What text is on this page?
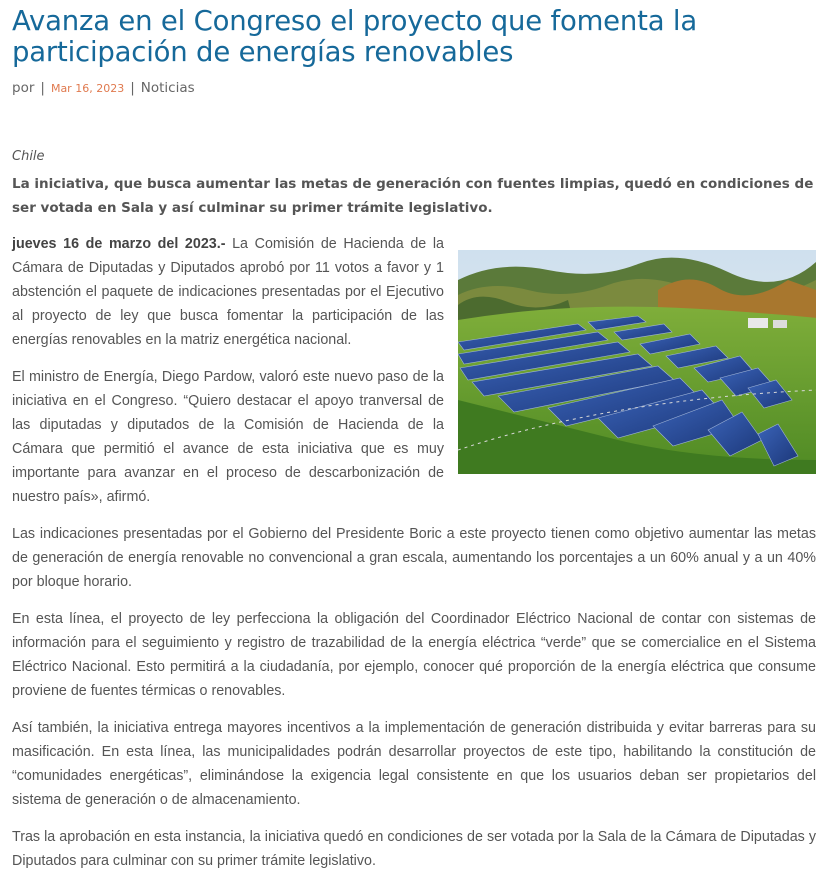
Avanza en el Congreso el proyecto que fomenta la participación de energías renovables
por | Mar 16, 2023 | Noticias
Chile
La iniciativa, que busca aumentar las metas de generación con fuentes limpias, quedó en condiciones de ser votada en Sala y así culminar su primer trámite legislativo.

jueves 16 de marzo del 2023.- La Comisión de Hacienda de la Cámara de Diputadas y Diputados aprobó por 11 votos a favor y 1 abstención el paquete de indicaciones presentadas por el Ejecutivo al proyecto de ley que busca fomentar la participación de las energías renovables en la matriz energética nacional.

El ministro de Energía, Diego Pardow, valoró este nuevo paso de la iniciativa en el Congreso. “Quiero destacar el apoyo tranversal de las diputadas y diputados de la Comisión de Hacienda de la Cámara que permitió el avance de esta iniciativa que es muy importante para avanzar en el proceso de descarbonización de nuestro país», afirmó.

Las indicaciones presentadas por el Gobierno del Presidente Boric a este proyecto tienen como objetivo aumentar las metas de generación de energía renovable no convencional a gran escala, aumentando los porcentajes a un 60% anual y a un 40% por bloque horario.

En esta línea, el proyecto de ley perfecciona la obligación del Coordinador Eléctrico Nacional de contar con sistemas de información para el seguimiento y registro de trazabilidad de la energía eléctrica “verde” que se comercialice en el Sistema Eléctrico Nacional. Esto permitirá a la ciudadanía, por ejemplo, conocer qué proporción de la energía eléctrica que consume proviene de fuentes térmicas o renovables.

Así también, la iniciativa entrega mayores incentivos a la implementación de generación distribuida y evitar barreras para su masificación. En esta línea, las municipalidades podrán desarrollar proyectos de este tipo, habilitando la constitución de “comunidades energéticas”, eliminándose la exigencia legal consistente en que los usuarios deban ser propietarios del sistema de generación o de almacenamiento.

Tras la aprobación en esta instancia, la iniciativa quedó en condiciones de ser votada por la Sala de la Cámara de Diputadas y Diputados para culminar con su primer trámite legislativo.
